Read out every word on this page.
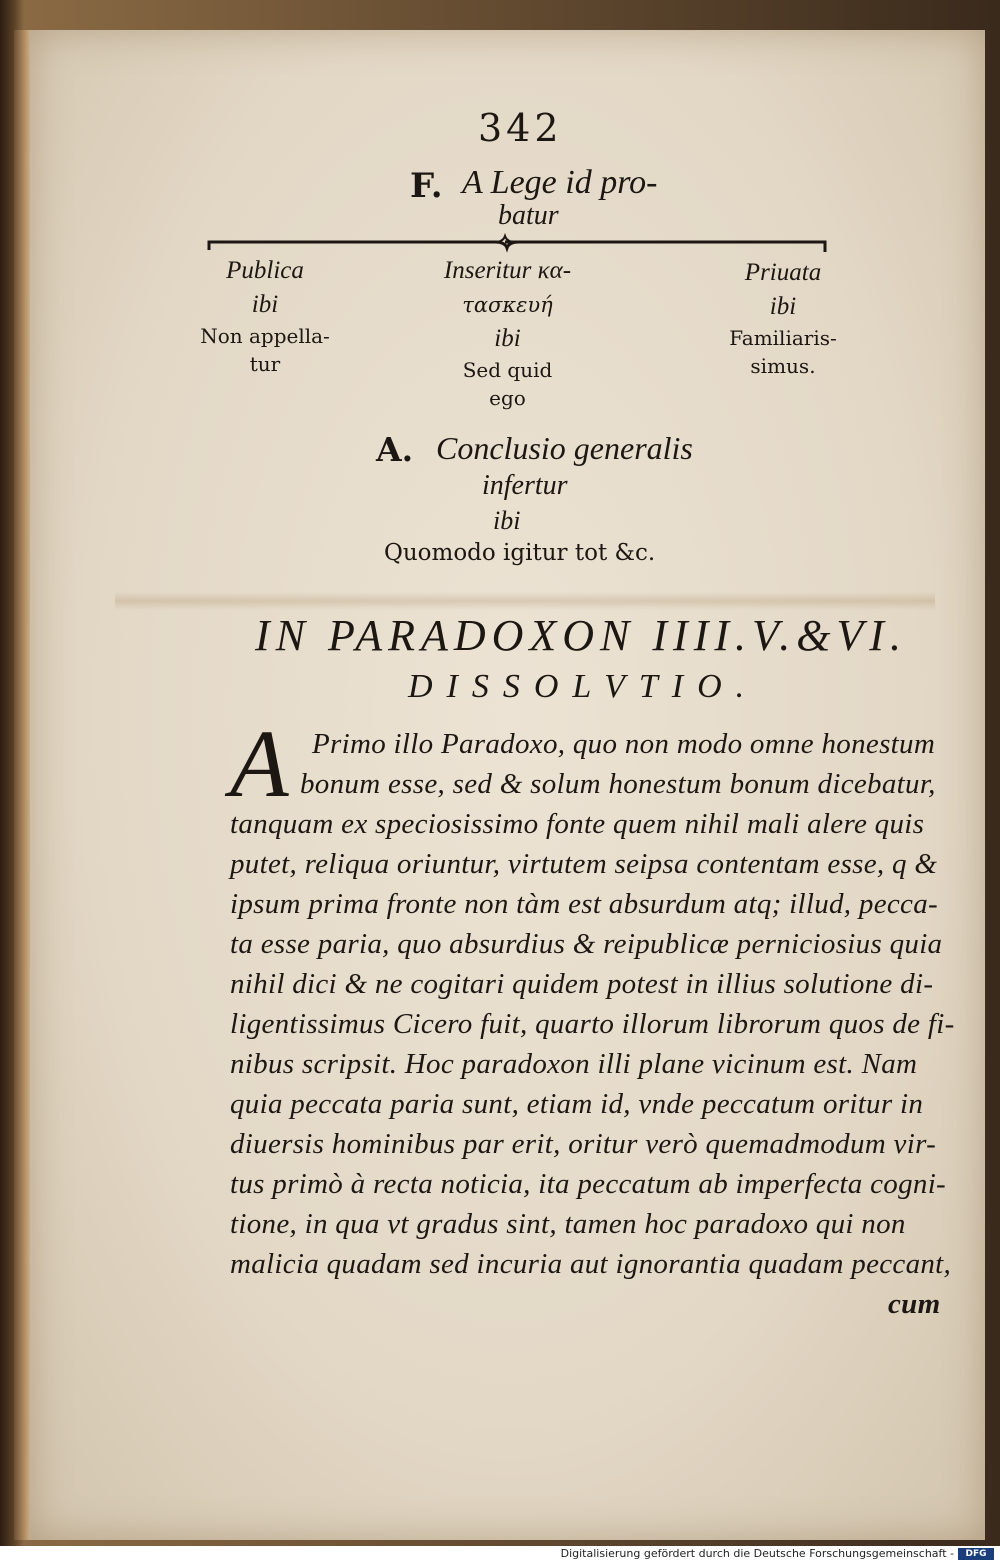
342
F. A Lege id pro-
batur
Publica
ibi
Non appella-
tur
Inseritur κα-
τασκευή
ibi
Sed quid
ego
Priuata
ibi
Familiaris-
simus.
A. Conclusio generalis
infertur
ibi
Quomodo igitur tot &c.
IN PARADOXON IIII.V.&VI.
DISSOLVTIO.
A Primo illo Paradoxo, quo non modo omne honestum
bonum esse, sed & solum honestum bonum dicebatur,
tanquam ex speciosissimo fonte quem nihil mali alere quis
putet, reliqua oriuntur, virtutem seipsa contentam esse, q &
ipsum prima fronte non tàm est absurdum atq; illud, pecca-
ta esse paria, quo absurdius & reipublicæ perniciosius quia
nihil dici & ne cogitari quidem potest in illius solutione di-
ligentissimus Cicero fuit, quarto illorum librorum quos de fi-
nibus scripsit. Hoc paradoxon illi plane vicinum est. Nam
quia peccata paria sunt, etiam id, vnde peccatum oritur in
diuersis hominibus par erit, oritur verò quemadmodum vir-
tus primò à recta noticia, ita peccatum ab imperfecta cogni-
tione, in qua vt gradus sint, tamen hoc paradoxo qui non
malicia quadam sed incuria aut ignorantia quadam peccant,
cum
Digitalisierung gefördert durch die Deutsche Forschungsgemeinschaft -	DFG
